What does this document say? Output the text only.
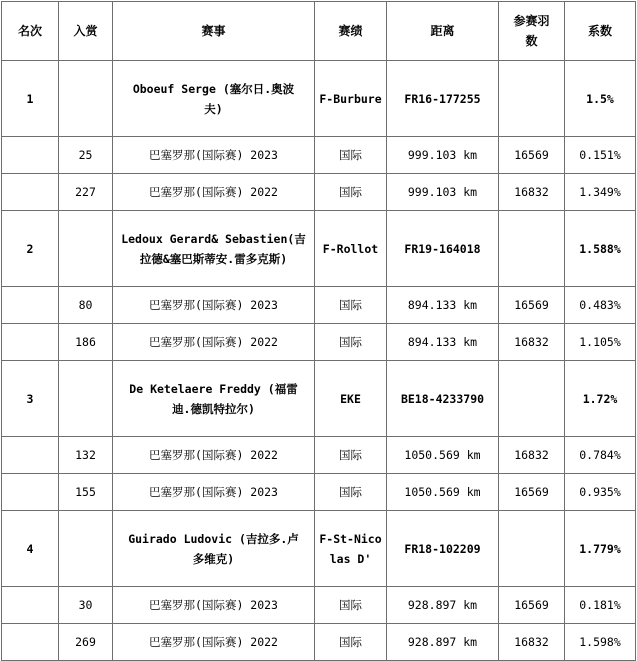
名次	入赏	赛事	赛绩	距离	参赛羽数	系数
1		Oboeuf Serge (塞尔日.奥波夫)	F-Burbure	FR16-177255		1.5%
	25	巴塞罗那(国际赛) 2023	国际	999.103 km	16569	0.151%
	227	巴塞罗那(国际赛) 2022	国际	999.103 km	16832	1.349%
2		Ledoux Gerard& Sebastien(吉拉德&塞巴斯蒂安.雷多克斯)	F-Rollot	FR19-164018		1.588%
	80	巴塞罗那(国际赛) 2023	国际	894.133 km	16569	0.483%
	186	巴塞罗那(国际赛) 2022	国际	894.133 km	16832	1.105%
3		De Ketelaere Freddy (福雷迪.德凯特拉尔)	EKE	BE18-4233790		1.72%
	132	巴塞罗那(国际赛) 2022	国际	1050.569 km	16832	0.784%
	155	巴塞罗那(国际赛) 2023	国际	1050.569 km	16569	0.935%
4		Guirado Ludovic (吉拉多.卢多维克)	F-St-Nicolas D'	FR18-102209		1.779%
	30	巴塞罗那(国际赛) 2023	国际	928.897 km	16569	0.181%
	269	巴塞罗那(国际赛) 2022	国际	928.897 km	16832	1.598%
